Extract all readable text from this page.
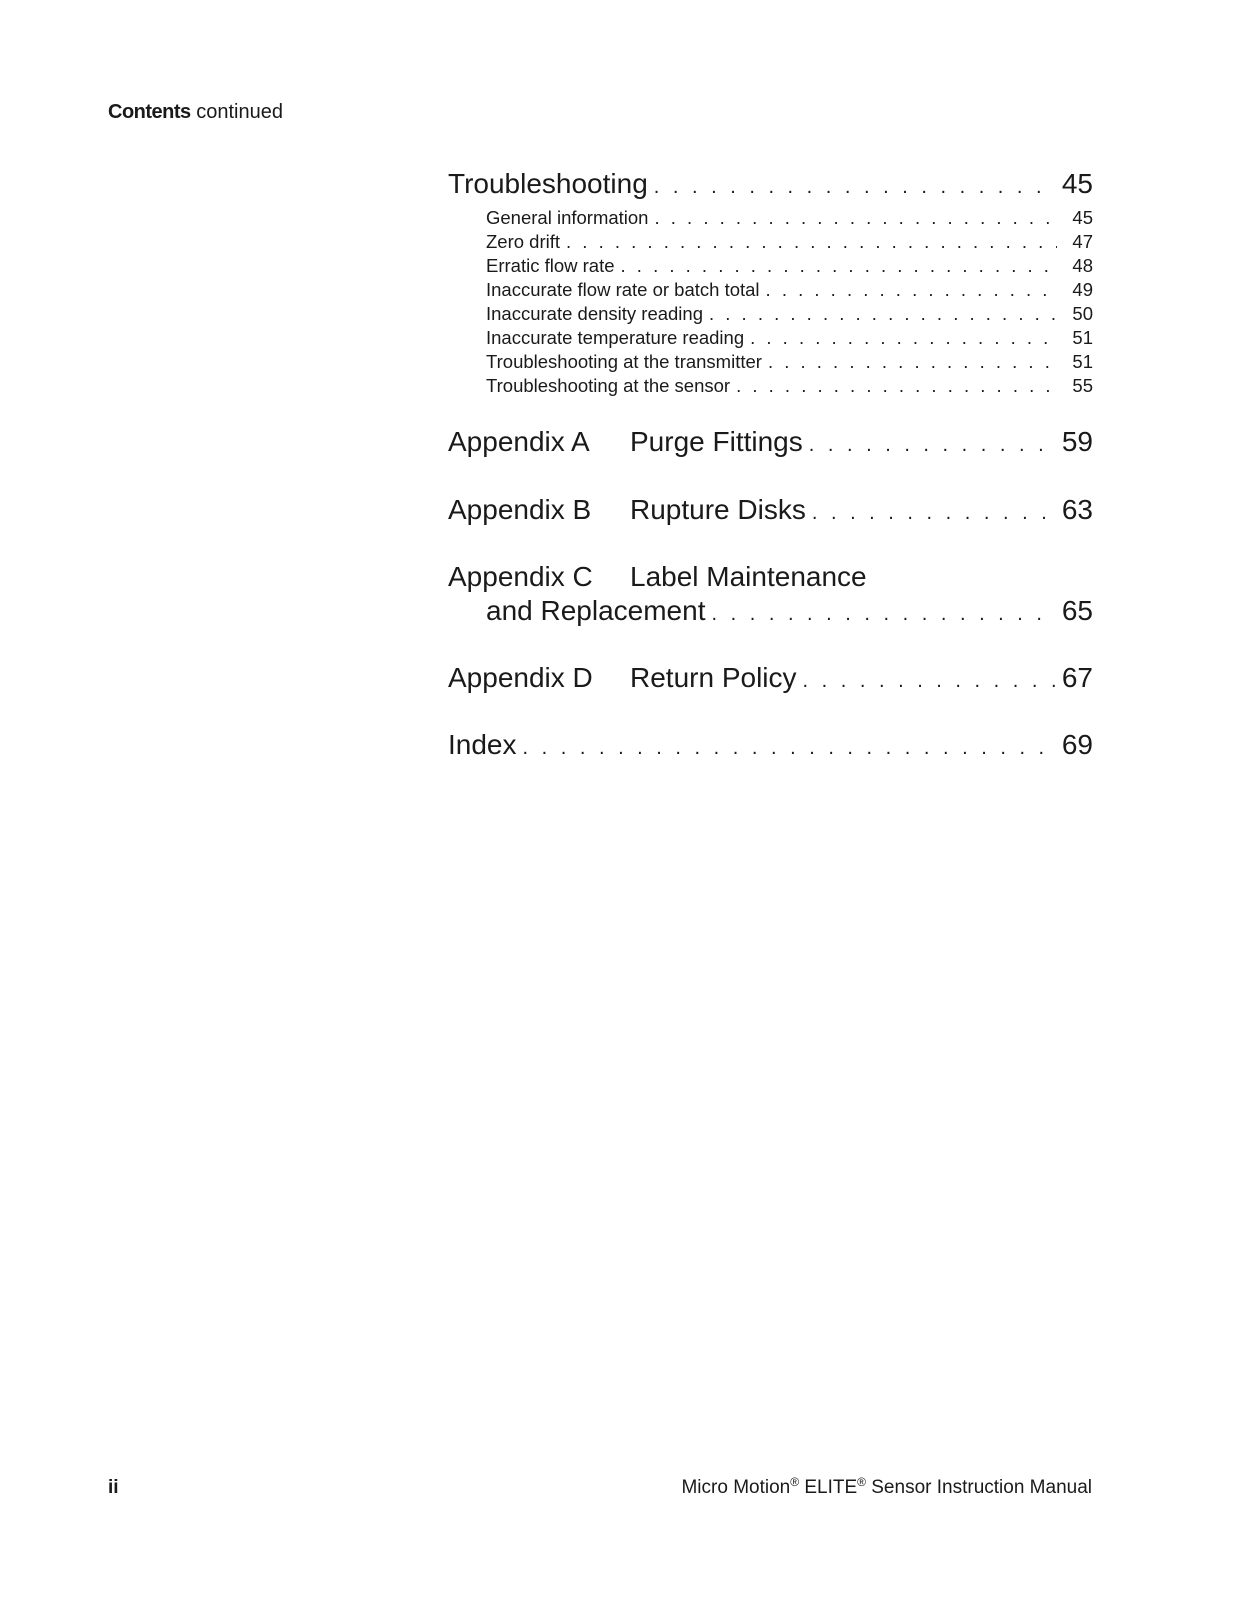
Contents continued
Troubleshooting . . .	45
General information . . .	45
Zero drift . . .	47
Erratic flow rate . . .	48
Inaccurate flow rate or batch total . . .	49
Inaccurate density reading . . .	50
Inaccurate temperature reading . . .	51
Troubleshooting at the transmitter . . .	51
Troubleshooting at the sensor . . .	55
Appendix A Purge Fittings . . .	59
Appendix B Rupture Disks . . .	63
Appendix C Label Maintenance
and Replacement . . .	65
Appendix D Return Policy . . .	67
Index . . .	69
ii	Micro Motion® ELITE® Sensor Instruction Manual
